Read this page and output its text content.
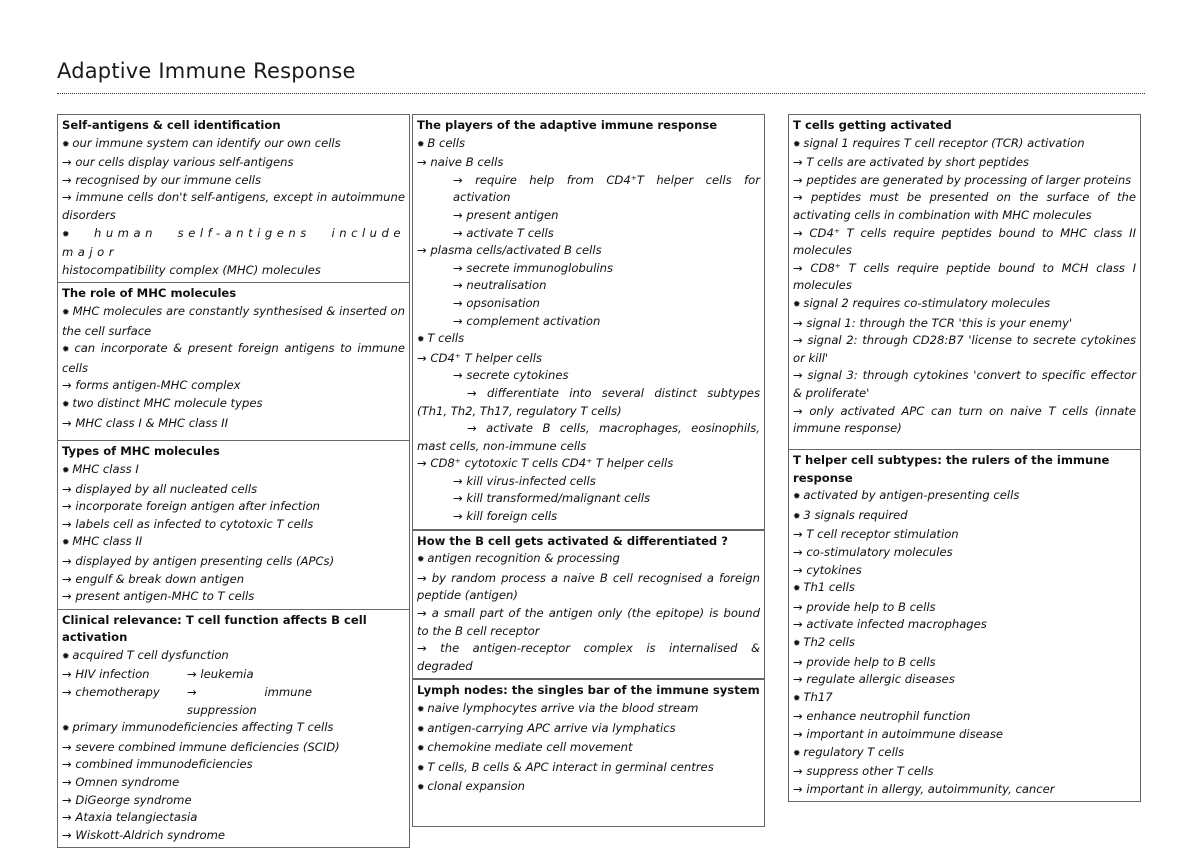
Adaptive Immune Response
Self-antigens & cell identification
✹ our immune system can identify our own cells
→ our cells display various self-antigens
→ recognised by our immune cells
→ immune cells don't self-antigens, except in autoimmune disorders
✹ human self-antigens include major
histocompatibility complex (MHC) molecules
The role of MHC molecules
✹ MHC molecules are constantly synthesised & inserted on the cell surface
✹ can incorporate & present foreign antigens to immune cells
→ forms antigen-MHC complex
✹ two distinct MHC molecule types
→ MHC class I & MHC class II
Types of MHC molecules
✹ MHC class I
→ displayed by all nucleated cells
→ incorporate foreign antigen after infection
→ labels cell as infected to cytotoxic T cells
✹ MHC class II
→ displayed by antigen presenting cells (APCs)
→ engulf & break down antigen
→ present antigen-MHC to T cells
Clinical relevance: T cell function affects B cell activation
✹ acquired T cell dysfunction
→ HIV infection	→ leukemia
→ chemotherapy	→ immune suppression
✹ primary immunodeficiencies affecting T cells
→ severe combined immune deficiencies (SCID)
→ combined immunodeficiencies
→ Omnen syndrome
→ DiGeorge syndrome
→ Ataxia telangiectasia
→ Wiskott-Aldrich syndrome
The players of the adaptive immune response
✹ B cells
→ naive B cells
→ require help from CD4⁺T helper cells for activation
→ present antigen
→ activate T cells
→ plasma cells/activated B cells
→ secrete immunoglobulins
→ neutralisation
→ opsonisation
→ complement activation
✹ T cells
→ CD4⁺ T helper cells
→ secrete cytokines
→ differentiate into several distinct subtypes (Th1, Th2, Th17, regulatory T cells)
→ activate B cells, macrophages, eosinophils, mast cells, non-immune cells
→ CD8⁺ cytotoxic T cells CD4⁺ T helper cells
→ kill virus-infected cells
→ kill transformed/malignant cells
→ kill foreign cells
How the B cell gets activated & differentiated ?
✹ antigen recognition & processing
→ by random process a naive B cell recognised a foreign peptide (antigen)
→ a small part of the antigen only (the epitope) is bound to the B cell receptor
→ the antigen-receptor complex is internalised & degraded
Lymph nodes: the singles bar of the immune system
✹ naive lymphocytes arrive via the blood stream
✹ antigen-carrying APC arrive via lymphatics
✹ chemokine mediate cell movement
✹ T cells, B cells & APC interact in germinal centres
✹ clonal expansion
T cells getting activated
✹ signal 1 requires T cell receptor (TCR) activation
→ T cells are activated by short peptides
→ peptides are generated by processing of larger proteins
→ peptides must be presented on the surface of the activating cells in combination with MHC molecules
→ CD4⁺ T cells require peptides bound to MHC class II molecules
→ CD8⁺ T cells require peptide bound to MCH class I molecules
✹ signal 2 requires co-stimulatory molecules
→ signal 1: through the TCR 'this is your enemy'
→ signal 2: through CD28:B7 'license to secrete cytokines or kill'
→ signal 3: through cytokines 'convert to specific effector & proliferate'
→ only activated APC can turn on naive T cells (innate immune response)
T helper cell subtypes: the rulers of the immune response
✹ activated by antigen-presenting cells
✹ 3 signals required
→ T cell receptor stimulation
→ co-stimulatory molecules
→ cytokines
✹ Th1 cells
→ provide help to B cells
→ activate infected macrophages
✹ Th2 cells
→ provide help to B cells
→ regulate allergic diseases
✹ Th17
→ enhance neutrophil function
→ important in autoimmune disease
✹ regulatory T cells
→ suppress other T cells
→ important in allergy, autoimmunity, cancer
